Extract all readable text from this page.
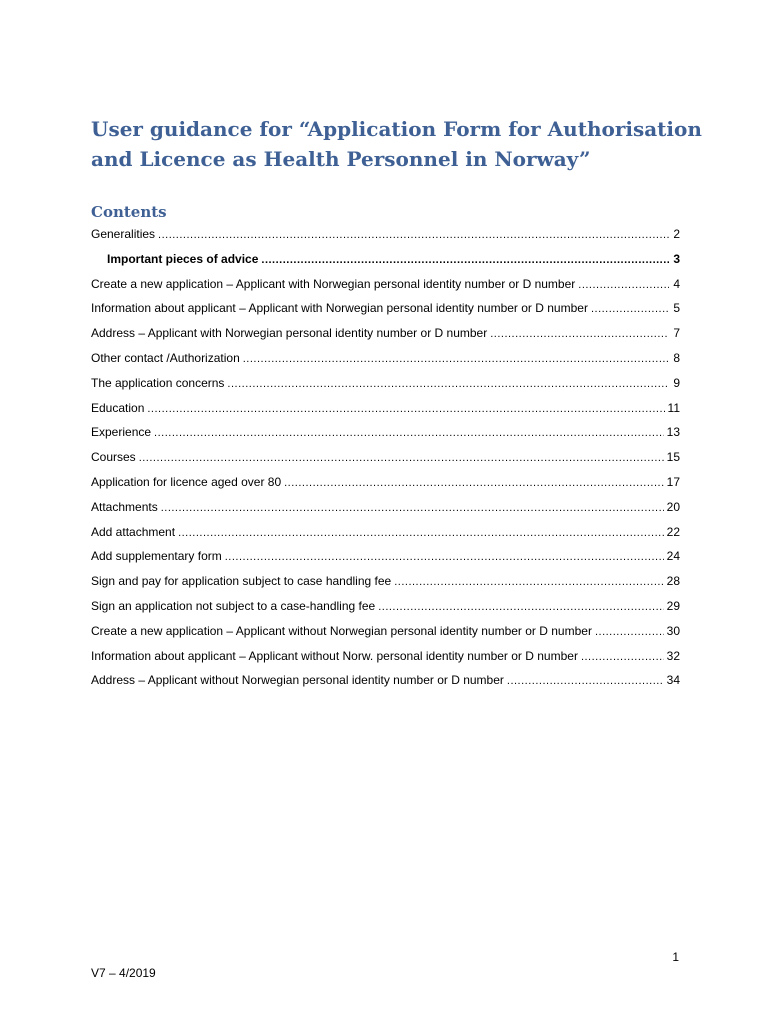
User guidance for “Application Form for Authorisation and Licence as Health Personnel in Norway”
Contents
Generalities .....	2
Important pieces of advice .....	3
Create a new application – Applicant with Norwegian personal identity number or D number .....	4
Information about applicant – Applicant with Norwegian personal identity number or D number .....	5
Address – Applicant with Norwegian personal identity number or D number .....	7
Other contact /Authorization .....	8
The application concerns .....	9
Education .....	11
Experience .....	13
Courses .....	15
Application for licence aged over 80 .....	17
Attachments .....	20
Add attachment .....	22
Add supplementary form .....	24
Sign and pay for application subject to case handling fee .....	28
Sign an application not subject to a case-handling fee .....	29
Create a new application – Applicant without Norwegian personal identity number or D number .....	30
Information about applicant – Applicant without Norw. personal identity number or D number .....	32
Address – Applicant without Norwegian personal identity number or D number .....	34
1
V7 – 4/2019
